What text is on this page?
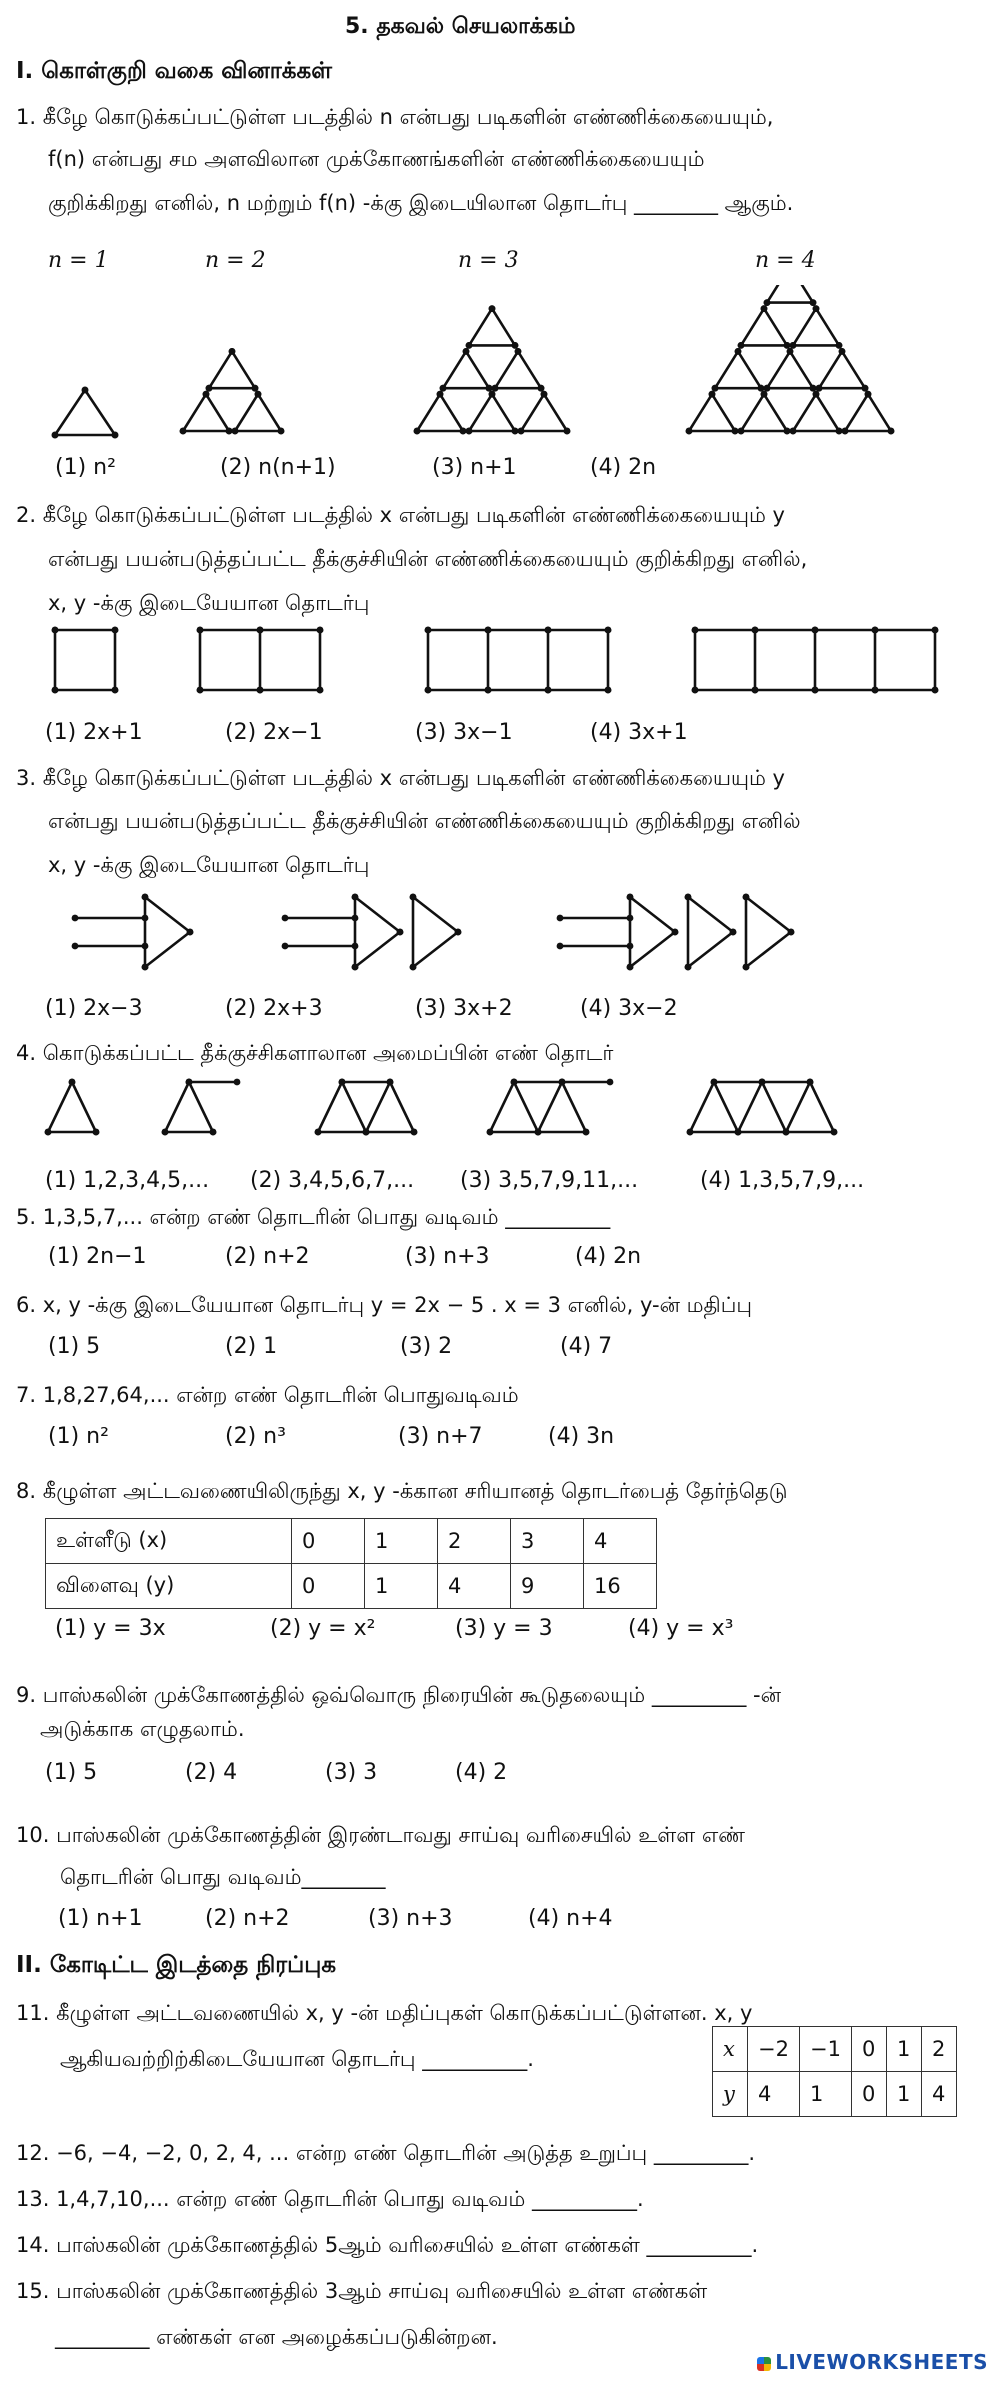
5. தகவல் செயலாக்கம்
I. கொள்குறி வகை வினாக்கள்
1. கீழே கொடுக்கப்பட்டுள்ள படத்தில் n என்பது படிகளின் எண்ணிக்கையையும்,
f(n) என்பது சம அளவிலான முக்கோணங்களின் எண்ணிக்கையையும்
குறிக்கிறது எனில், n மற்றும் f(n) -க்கு இடையிலான தொடர்பு ________ ஆகும்.
n = 1	n = 2	n = 3	n = 4
(1) n²	(2) n(n+1)	(3) n+1	(4) 2n
2. கீழே கொடுக்கப்பட்டுள்ள படத்தில் x என்பது படிகளின் எண்ணிக்கையையும் y
என்பது பயன்படுத்தப்பட்ட தீக்குச்சியின் எண்ணிக்கையையும் குறிக்கிறது எனில்,
x, y -க்கு இடையேயான தொடர்பு
(1) 2x+1	(2) 2x−1	(3) 3x−1	(4) 3x+1
3. கீழே கொடுக்கப்பட்டுள்ள படத்தில் x என்பது படிகளின் எண்ணிக்கையையும் y
என்பது பயன்படுத்தப்பட்ட தீக்குச்சியின் எண்ணிக்கையையும் குறிக்கிறது எனில்
x, y -க்கு இடையேயான தொடர்பு
(1) 2x−3	(2) 2x+3	(3) 3x+2	(4) 3x−2
4. கொடுக்கப்பட்ட தீக்குச்சிகளாலான அமைப்பின் எண் தொடர்
(1) 1,2,3,4,5,... (2) 3,4,5,6,7,... (3) 3,5,7,9,11,...	(4) 1,3,5,7,9,...
5. 1,3,5,7,... என்ற எண் தொடரின் பொது வடிவம் __________
(1) 2n−1	(2) n+2	(3) n+3	(4) 2n
6. x, y -க்கு இடையேயான தொடர்பு y = 2x − 5 . x = 3 எனில், y-ன் மதிப்பு
(1) 5	(2) 1	(3) 2	(4) 7
7. 1,8,27,64,... என்ற எண் தொடரின் பொதுவடிவம்
(1) n²	(2) n³	(3) n+7	(4) 3n
8. கீழுள்ள அட்டவணையிலிருந்து x, y -க்கான சரியானத் தொடர்பைத் தேர்ந்தெடு
உள்ளீடு (x)	0	1	2	3	4
விளைவு (y)	0	1	4	9	16
(1) y = 3x	(2) y = x²	(3) y = 3	(4) y = x³
9. பாஸ்கலின் முக்கோணத்தில் ஒவ்வொரு நிரையின் கூடுதலையும் _________ -ன்
அடுக்காக எழுதலாம்.
(1) 5	(2) 4	(3) 3	(4) 2
10. பாஸ்கலின் முக்கோணத்தின் இரண்டாவது சாய்வு வரிசையில் உள்ள எண்
தொடரின் பொது வடிவம்________
(1) n+1	(2) n+2	(3) n+3	(4) n+4
II. கோடிட்ட இடத்தை நிரப்புக
11. கீழுள்ள அட்டவணையில் x, y -ன் மதிப்புகள் கொடுக்கப்பட்டுள்ளன. x, y
ஆகியவற்றிற்கிடையேயான தொடர்பு __________.	x	−2	−1	0	1	2
y	4	1	0	1	4
12. −6, −4, −2, 0, 2, 4, ... என்ற எண் தொடரின் அடுத்த உறுப்பு _________.
13. 1,4,7,10,... என்ற எண் தொடரின் பொது வடிவம் __________.
14. பாஸ்கலின் முக்கோணத்தில் 5ஆம் வரிசையில் உள்ள எண்கள் __________.
15. பாஸ்கலின் முக்கோணத்தில் 3ஆம் சாய்வு வரிசையில் உள்ள எண்கள்
_________ எண்கள் என அழைக்கப்படுகின்றன.
LIVEWORKSHEETS
